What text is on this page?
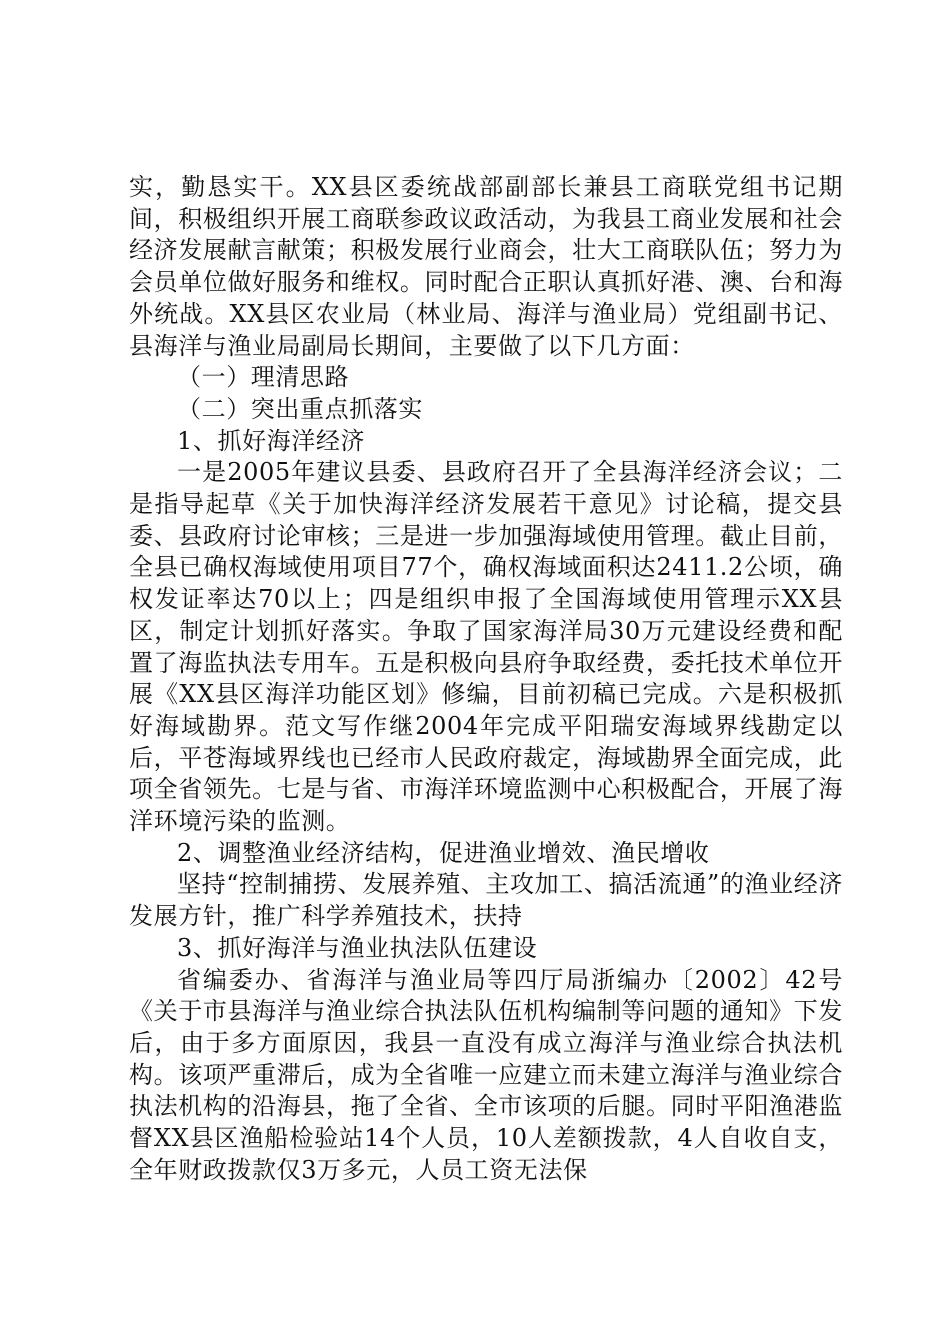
实，勤恳实干。XX县区委统战部副部长兼县工商联党组书记期间，积极组织开展工商联参政议政活动，为我县工商业发展和社会经济发展献言献策；积极发展行业商会，壮大工商联队伍；努力为会员单位做好服务和维权。同时配合正职认真抓好港、澳、台和海外统战。XX县区农业局（林业局、海洋与渔业局）党组副书记、县海洋与渔业局副局长期间，主要做了以下几方面：

（一）理清思路

（二）突出重点抓落实

1、抓好海洋经济

一是2005年建议县委、县政府召开了全县海洋经济会议；二是指导起草《关于加快海洋经济发展若干意见》讨论稿，提交县委、县政府讨论审核；三是进一步加强海域使用管理。截止目前，全县已确权海域使用项目77个，确权海域面积达2411.2公顷，确权发证率达70以上；四是组织申报了全国海域使用管理示XX县区，制定计划抓好落实。争取了国家海洋局30万元建设经费和配置了海监执法专用车。五是积极向县府争取经费，委托技术单位开展《XX县区海洋功能区划》修编，目前初稿已完成。六是积极抓好海域勘界。范文写作继2004年完成平阳瑞安海域界线勘定以后，平苍海域界线也已经市人民政府裁定，海域勘界全面完成，此项全省领先。七是与省、市海洋环境监测中心积极配合，开展了海洋环境污染的监测。

2、调整渔业经济结构，促进渔业增效、渔民增收

坚持“控制捕捞、发展养殖、主攻加工、搞活流通”的渔业经济发展方针，推广科学养殖技术，扶持

3、抓好海洋与渔业执法队伍建设

省编委办、省海洋与渔业局等四厅局浙编办〔2002〕42号《关于市县海洋与渔业综合执法队伍机构编制等问题的通知》下发后，由于多方面原因，我县一直没有成立海洋与渔业综合执法机构。该项严重滞后，成为全省唯一应建立而未建立海洋与渔业综合执法机构的沿海县，拖了全省、全市该项的后腿。同时平阳渔港监督XX县区渔船检验站14个人员，10人差额拨款，4人自收自支，全年财政拨款仅3万多元，人员工资无法保
